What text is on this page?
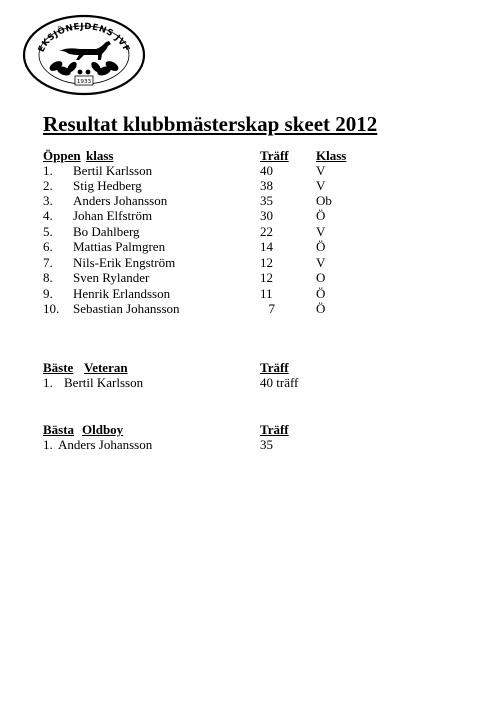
EKSJÖNEJDENS JVF
1933
Resultat klubbmästerskap skeet 2012
Öppen klass	Träff Klass
1. Bertil Karlsson	40	V
2. Stig Hedberg	38	V
3. Anders Johansson	35	Ob
4. Johan Elfström	30	Ö
5. Bo Dahlberg	22	V
6. Mattias Palmgren	14	Ö
7. Nils-Erik Engström	12	V
8. Sven Rylander	12	O
9. Henrik Erlandsson	11	Ö
10. Sebastian Johansson	7	Ö
Bäste Veteran	Träff
1. Bertil Karlsson	40 träff
Bästa Oldboy	Träff
1. Anders Johansson	35
